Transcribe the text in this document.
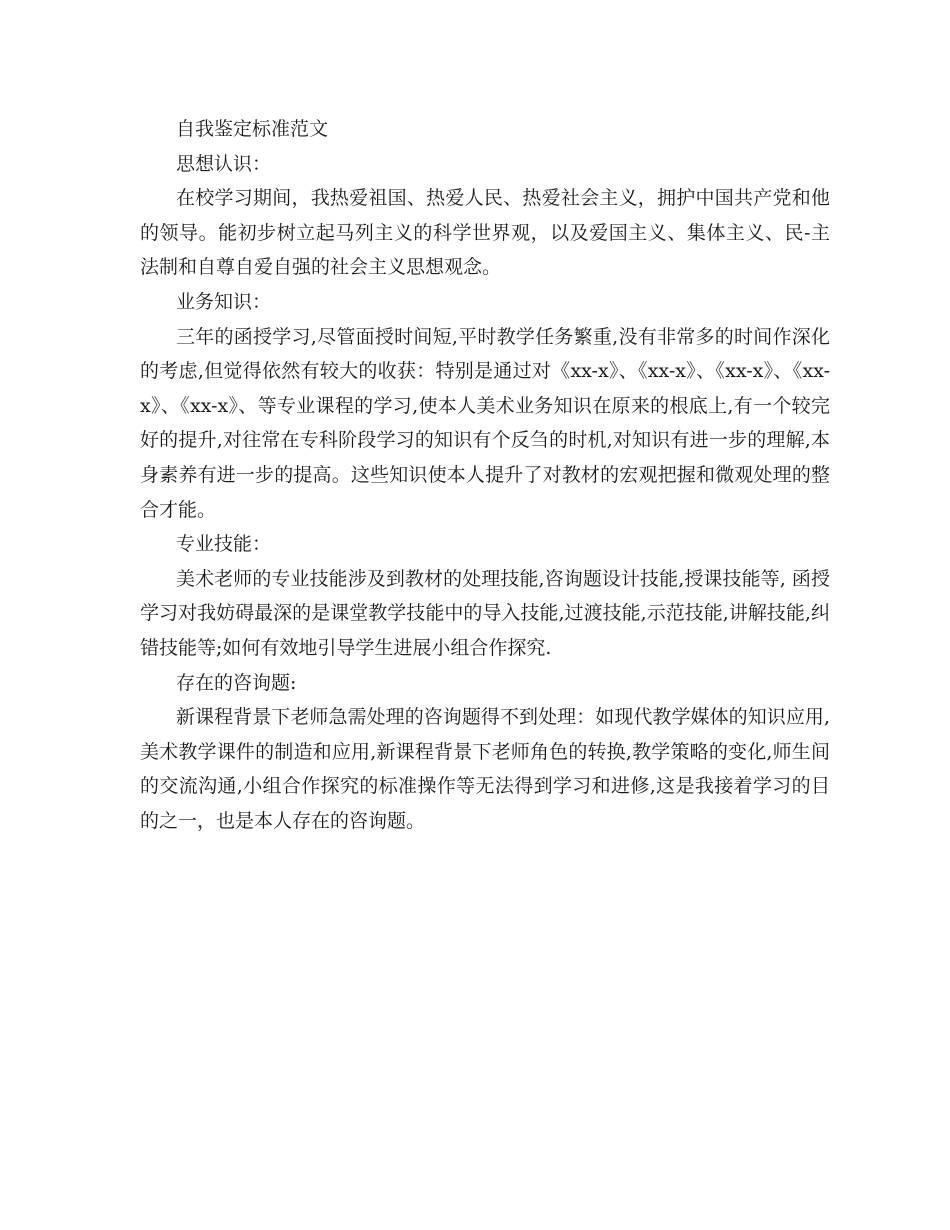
自我鉴定标准范文

思想认识：

在校学习期间，我热爱祖国、热爱人民、热爱社会主义，拥护中国共产党和他的领导。能初步树立起马列主义的科学世界观，以及爱国主义、集体主义、民-主法制和自尊自爱自强的社会主义思想观念。

业务知识：

三年的函授学习,尽管面授时间短,平时教学任务繁重,没有非常多的时间作深化的考虑,但觉得依然有较大的收获：特别是通过对《xx-x》、《xx-x》、《xx-x》、《xx-x》、《xx-x》、等专业课程的学习,使本人美术业务知识在原来的根底上,有一个较完好的提升,对往常在专科阶段学习的知识有个反刍的时机,对知识有进一步的理解,本身素养有进一步的提高。这些知识使本人提升了对教材的宏观把握和微观处理的整合才能。

专业技能：

美术老师的专业技能涉及到教材的处理技能,咨询题设计技能,授课技能等, 函授学习对我妨碍最深的是课堂教学技能中的导入技能,过渡技能,示范技能,讲解技能,纠错技能等;如何有效地引导学生进展小组合作探究.

存在的咨询题:

新课程背景下老师急需处理的咨询题得不到处理：如现代教学媒体的知识应用,美术教学课件的制造和应用,新课程背景下老师角色的转换,教学策略的变化,师生间的交流沟通,小组合作探究的标准操作等无法得到学习和进修,这是我接着学习的目的之一，也是本人存在的咨询题。
